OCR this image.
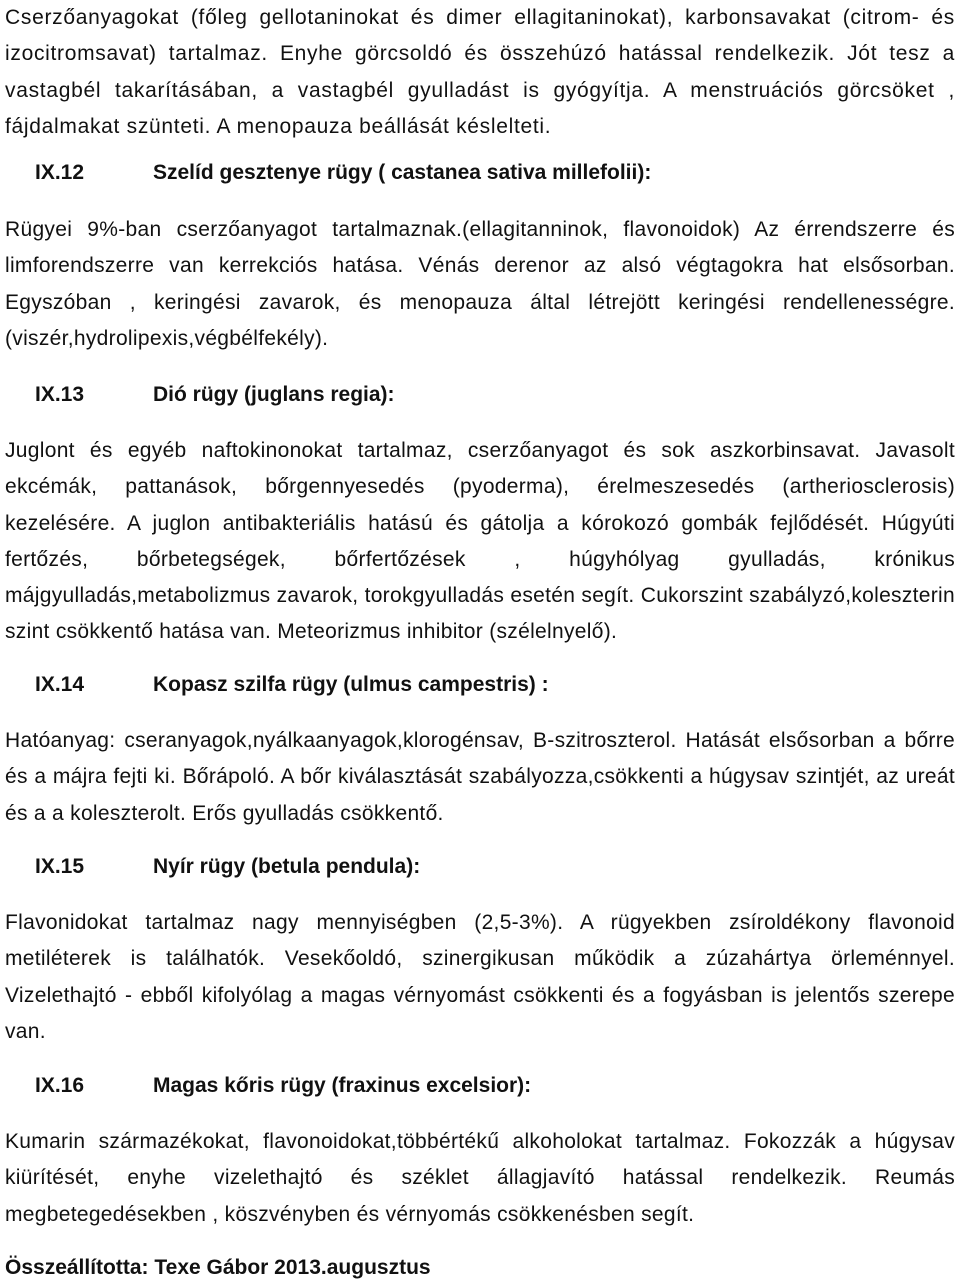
Cserzőanyagokat (főleg gellotaninokat és dimer ellagitaninokat), karbonsavakat (citrom- és izocitromsavat) tartalmaz. Enyhe görcsoldó és összehúzó hatással rendelkezik. Jót tesz a vastagbél takarításában, a vastagbél gyulladást is gyógyítja. A menstruációs görcsöket , fájdalmakat szünteti. A menopauza beállását késlelteti.

IX.12	Szelíd gesztenye rügy ( castanea sativa millefolii):

Rügyei 9%-ban cserzőanyagot tartalmaznak.(ellagitanninok, flavonoidok) Az érrendszerre és limforendszerre van kerrekciós hatása. Vénás derenor az alsó végtagokra hat elsősorban. Egyszóban , keringési zavarok, és menopauza által létrejött keringési rendellenességre. (viszér,hydrolipexis,végbélfekély).

IX.13	Dió rügy (juglans regia):

Juglont és egyéb naftokinonokat tartalmaz, cserzőanyagot és sok aszkorbinsavat. Javasolt ekcémák, pattanások, bőrgennyesedés (pyoderma), érelmeszesedés (artheriosclerosis) kezelésére. A juglon antibakteriális hatású és gátolja a kórokozó gombák fejlődését. Húgyúti fertőzés, bőrbetegségek, bőrfertőzések , húgyhólyag gyulladás, krónikus májgyulladás,metabolizmus zavarok, torokgyulladás esetén segít. Cukorszint szabályzó,koleszterin szint csökkentő hatása van. Meteorizmus inhibitor (szélelnyelő).

IX.14	Kopasz szilfa rügy (ulmus campestris) :

Hatóanyag: cseranyagok,nyálkaanyagok,klorogénsav, B-szitroszterol. Hatását elsősorban a bőrre és a májra fejti ki. Bőrápoló. A bőr kiválasztását szabályozza,csökkenti a húgysav szintjét, az ureát és a a koleszterolt. Erős gyulladás csökkentő.

IX.15	Nyír rügy (betula pendula):

Flavonidokat tartalmaz nagy mennyiségben (2,5-3%). A rügyekben zsíroldékony flavonoid metiléterek is találhatók. Vesekőoldó, szinergikusan működik a zúzahártya örleménnyel. Vizelethajtó - ebből kifolyólag a magas vérnyomást csökkenti és a fogyásban is jelentős szerepe van.

IX.16	Magas kőris rügy (fraxinus excelsior):

Kumarin származékokat, flavonoidokat,többértékű alkoholokat tartalmaz. Fokozzák a húgysav kiürítését, enyhe vizelethajtó és széklet állagjavító hatással rendelkezik. Reumás megbetegedésekben , köszvényben és vérnyomás csökkenésben segít.

Összeállította: Texe Gábor 2013.augusztus
